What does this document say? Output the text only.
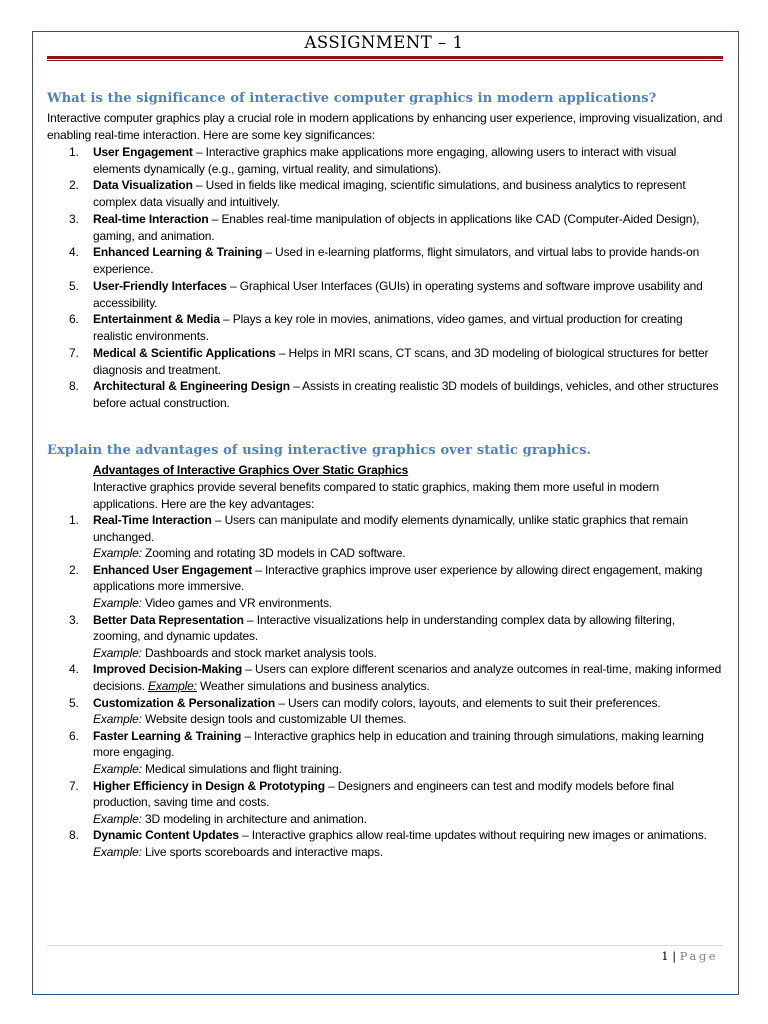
ASSIGNMENT – 1
What is the significance of interactive computer graphics in modern applications?
Interactive computer graphics play a crucial role in modern applications by enhancing user experience, improving visualization, and enabling real-time interaction. Here are some key significances:
1. User Engagement – Interactive graphics make applications more engaging, allowing users to interact with visual elements dynamically (e.g., gaming, virtual reality, and simulations).
2. Data Visualization – Used in fields like medical imaging, scientific simulations, and business analytics to represent complex data visually and intuitively.
3. Real-time Interaction – Enables real-time manipulation of objects in applications like CAD (Computer-Aided Design), gaming, and animation.
4. Enhanced Learning & Training – Used in e-learning platforms, flight simulators, and virtual labs to provide hands-on experience.
5. User-Friendly Interfaces – Graphical User Interfaces (GUIs) in operating systems and software improve usability and accessibility.
6. Entertainment & Media – Plays a key role in movies, animations, video games, and virtual production for creating realistic environments.
7. Medical & Scientific Applications – Helps in MRI scans, CT scans, and 3D modeling of biological structures for better diagnosis and treatment.
8. Architectural & Engineering Design – Assists in creating realistic 3D models of buildings, vehicles, and other structures before actual construction.
Explain the advantages of using interactive graphics over static graphics.
Advantages of Interactive Graphics Over Static Graphics
Interactive graphics provide several benefits compared to static graphics, making them more useful in modern applications. Here are the key advantages:
1. Real-Time Interaction – Users can manipulate and modify elements dynamically, unlike static graphics that remain unchanged.
Example: Zooming and rotating 3D models in CAD software.
2. Enhanced User Engagement – Interactive graphics improve user experience by allowing direct engagement, making applications more immersive.
Example: Video games and VR environments.
3. Better Data Representation – Interactive visualizations help in understanding complex data by allowing filtering, zooming, and dynamic updates.
Example: Dashboards and stock market analysis tools.
4. Improved Decision-Making – Users can explore different scenarios and analyze outcomes in real-time, making informed decisions. Example: Weather simulations and business analytics.
5. Customization & Personalization – Users can modify colors, layouts, and elements to suit their preferences.
Example: Website design tools and customizable UI themes.
6. Faster Learning & Training – Interactive graphics help in education and training through simulations, making learning more engaging.
Example: Medical simulations and flight training.
7. Higher Efficiency in Design & Prototyping – Designers and engineers can test and modify models before final production, saving time and costs.
Example: 3D modeling in architecture and animation.
8. Dynamic Content Updates – Interactive graphics allow real-time updates without requiring new images or animations.
Example: Live sports scoreboards and interactive maps.
1 | Page
